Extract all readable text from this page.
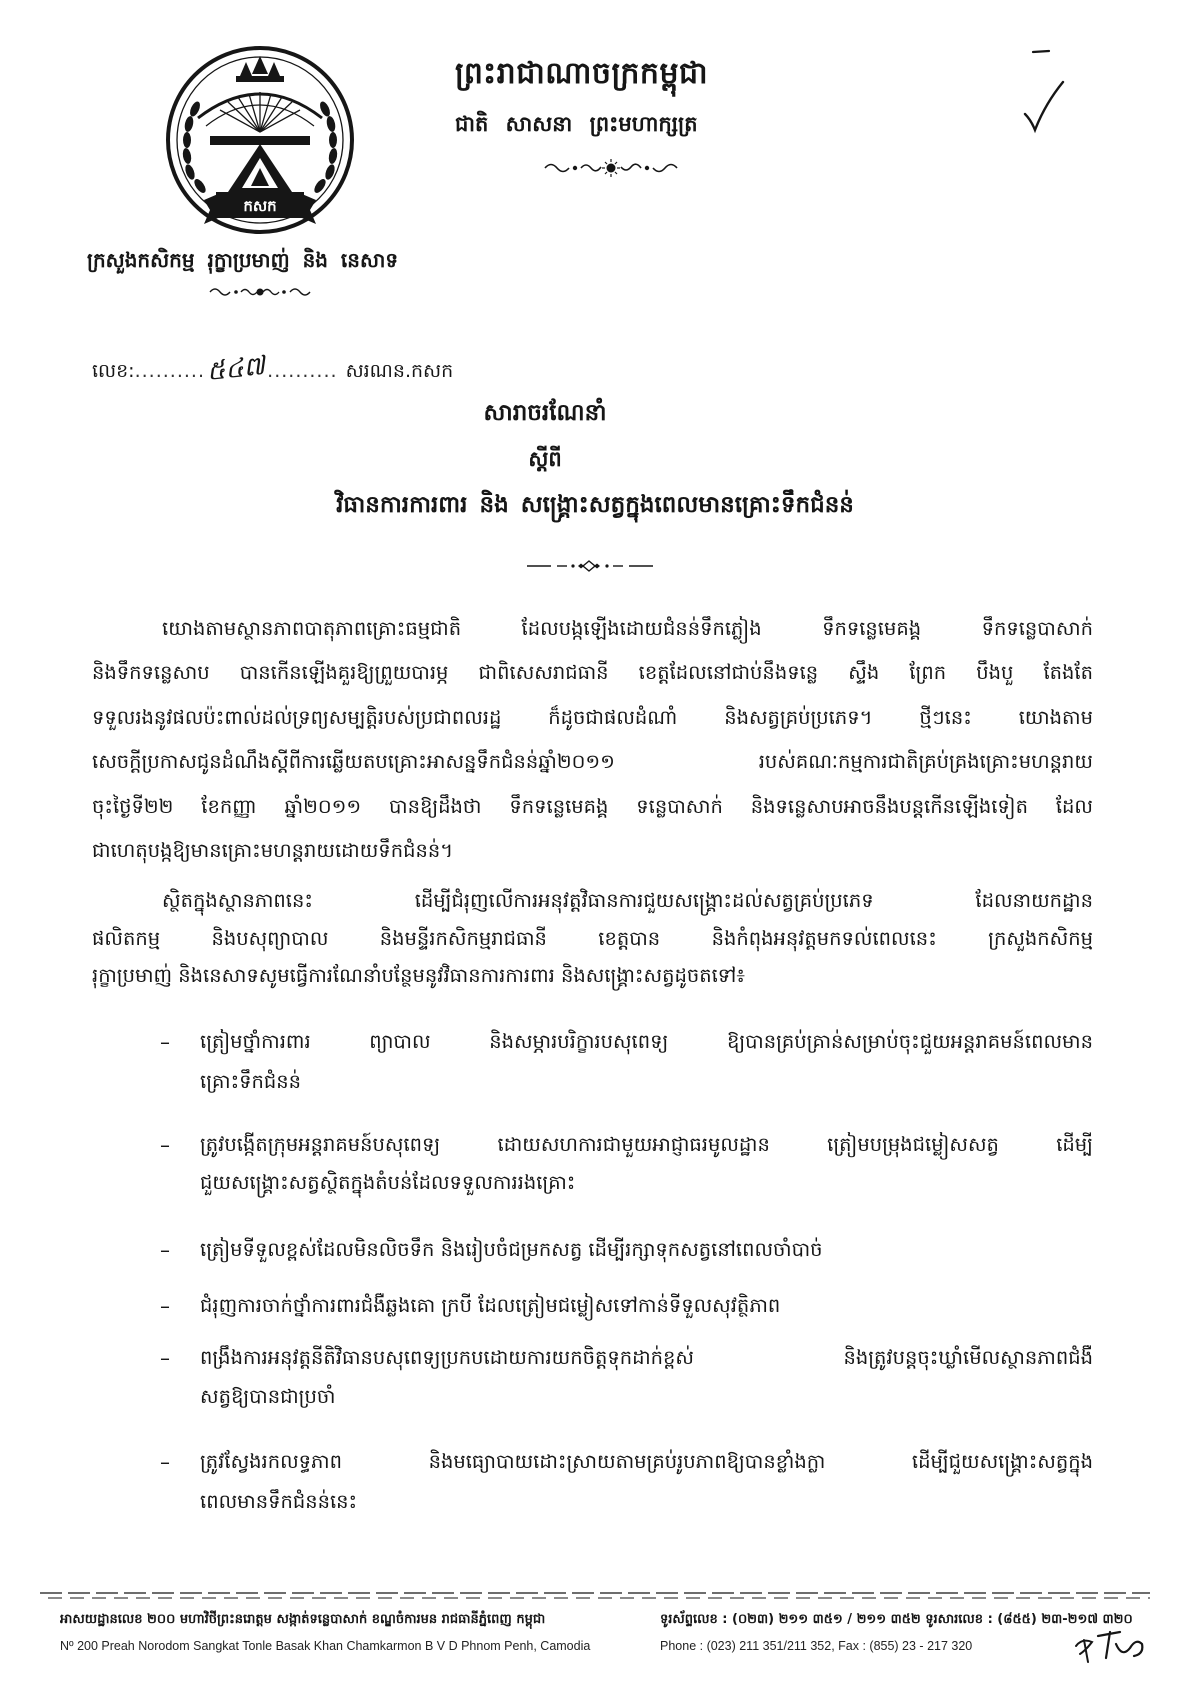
កសក
ព្រះរាជាណាចក្រកម្ពុជា
ជាតិ សាសនា ព្រះមហាក្សត្រ
ក្រសួងកសិកម្ម រុក្ខាប្រមាញ់ និង នេសាទ
លេខ: .......... ៥៤៧ .......... សរណន.កសក
សារាចរណែនាំ
ស្តីពី
វិធានការការពារ និង សង្គ្រោះសត្វក្នុងពេលមានគ្រោះទឹកជំនន់
យោងតាមស្ថានភាពបាតុភាពគ្រោះធម្មជាតិ ដែលបង្កឡើងដោយជំនន់ទឹកភ្លៀង ទឹកទន្លេមេគង្គ ទឹកទន្លេបាសាក់
និងទឹកទន្លេសាប បានកើនឡើងគួរឱ្យព្រួយបារម្ភ ជាពិសេសរាជធានី ខេត្តដែលនៅជាប់នឹងទន្លេ ស្ទឹង ព្រែក បឹងបួ តែងតែ
ទទួលរងនូវផលប៉ះពាល់ដល់ទ្រព្យសម្បត្តិរបស់ប្រជាពលរដ្ឋ ក៏ដូចជាផលដំណាំ និងសត្វគ្រប់ប្រភេទ។ ថ្មីៗនេះ យោងតាម
សេចក្តីប្រកាសជូនដំណឹងស្តីពីការឆ្លើយតបគ្រោះអាសន្នទឹកជំនន់ឆ្នាំ២០១១ របស់គណៈកម្មការជាតិគ្រប់គ្រងគ្រោះមហន្តរាយ
ចុះថ្ងៃទី២២ ខែកញ្ញា ឆ្នាំ២០១១ បានឱ្យដឹងថា ទឹកទន្លេមេគង្គ ទន្លេបាសាក់ និងទន្លេសាបអាចនឹងបន្តកើនឡើងទៀត ដែល
ជាហេតុបង្កឱ្យមានគ្រោះមហន្តរាយដោយទឹកជំនន់។
ស្ថិតក្នុងស្ថានភាពនេះ ដើម្បីជំរុញលើការអនុវត្តវិធានការជួយសង្គ្រោះដល់សត្វគ្រប់ប្រភេទ ដែលនាយកដ្ឋាន
ផលិតកម្ម និងបសុព្យាបាល និងមន្ទីរកសិកម្មរាជធានី ខេត្តបាន និងកំពុងអនុវត្តមកទល់ពេលនេះ ក្រសួងកសិកម្ម
រុក្ខាប្រមាញ់ និងនេសាទសូមធ្វើការណែនាំបន្ថែមនូវវិធានការការពារ និងសង្គ្រោះសត្វដូចតទៅ៖
– ត្រៀមថ្នាំការពារ ព្យាបាល និងសម្ភារបរិក្ខារបសុពេទ្យ ឱ្យបានគ្រប់គ្រាន់សម្រាប់ចុះជួយអន្តរាគមន៍ពេលមាន
គ្រោះទឹកជំនន់
– ត្រូវបង្កើតក្រុមអន្តរាគមន៍បសុពេទ្យ ដោយសហការជាមួយអាជ្ញាធរមូលដ្ឋាន ត្រៀមបម្រុងជម្លៀសសត្វ ដើម្បី
ជួយសង្គ្រោះសត្វស្ថិតក្នុងតំបន់ដែលទទួលការរងគ្រោះ
– ត្រៀមទីទួលខ្ពស់ដែលមិនលិចទឹក និងរៀបចំជម្រកសត្វ ដើម្បីរក្សាទុកសត្វនៅពេលចាំបាច់
– ជំរុញការចាក់ថ្នាំការពារជំងឺឆ្លងគោ ក្របី ដែលត្រៀមជម្លៀសទៅកាន់ទីទួលសុវត្ថិភាព
– ពង្រឹងការអនុវត្តនីតិវិធានបសុពេទ្យប្រកបដោយការយកចិត្តទុកដាក់ខ្ពស់ និងត្រូវបន្តចុះឃ្លាំមើលស្ថានភាពជំងឺ
សត្វឱ្យបានជាប្រចាំ
– ត្រូវស្វែងរកលទ្ធភាព និងមធ្យោបាយដោះស្រាយតាមគ្រប់រូបភាពឱ្យបានខ្លាំងក្លា ដើម្បីជួយសង្គ្រោះសត្វក្នុង
ពេលមានទឹកជំនន់នេះ
អាសយដ្ឋានលេខ ២០០ មហាវិថីព្រះនរោត្តម សង្កាត់ទន្លេបាសាក់ ខណ្ឌចំការមន រាជធានីភ្នំពេញ កម្ពុជា
Nº 200 Preah Norodom Sangkat Tonle Basak Khan Chamkarmon B V D Phnom Penh, Camodia
ទូរស័ព្ទលេខ : (០២៣) ២១១ ៣៥១ / ២១១ ៣៥២ ទូរសារលេខ : (៨៥៥) ២៣-២១៧ ៣២០
Phone : (023) 211 351/211 352, Fax : (855) 23 - 217 320
